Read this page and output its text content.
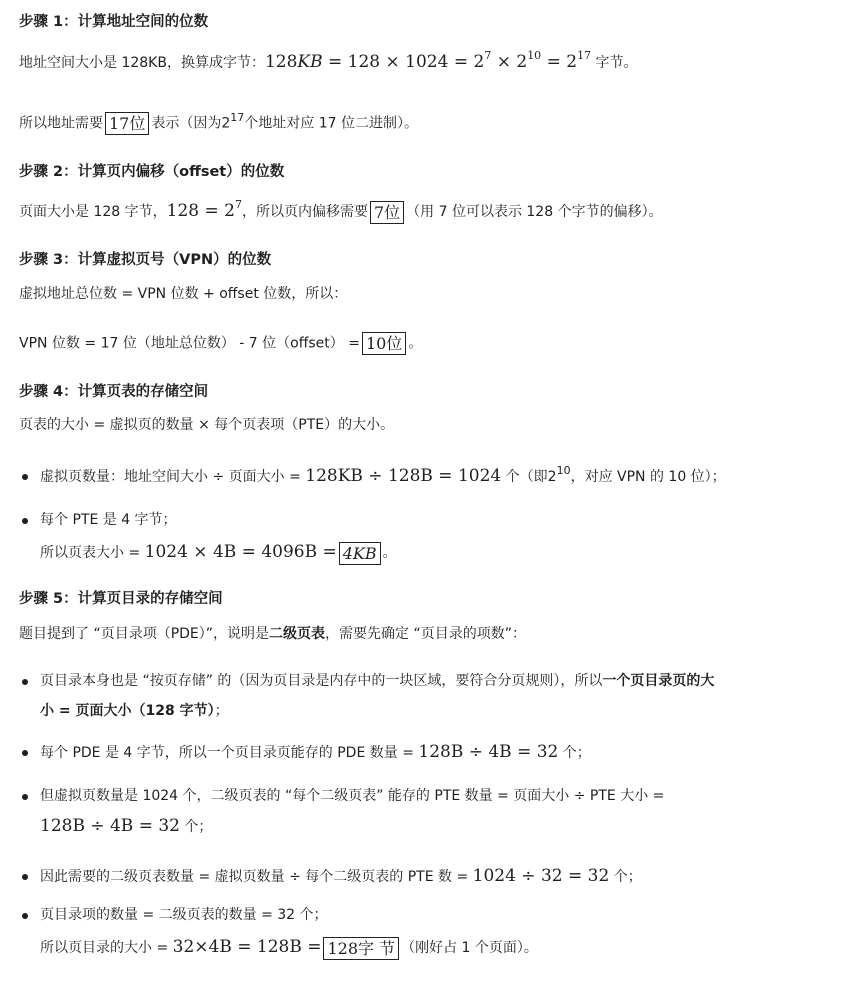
步骤 1：计算地址空间的位数

地址空间大小是 128KB，换算成字节：$128KB = 128 \times 1024 = 2^7 \times 2^{10} = 2^{17}$ 字节。

所以地址需要 17位 表示（因为$2^{17}$个地址对应 17 位二进制）。

步骤 2：计算页内偏移（offset）的位数

页面大小是 128 字节，$128 = 2^7$，所以页内偏移需要 7位 （用 7 位可以表示 128 个字节的偏移）。

步骤 3：计算虚拟页号（VPN）的位数

虚拟地址总位数 = VPN 位数 + offset 位数，所以：

VPN 位数 = 17 位（地址总位数） - 7 位（offset） = 10位 。

步骤 4：计算页表的存储空间

页表的大小 = 虚拟页的数量 × 每个页表项（PTE）的大小。

虚拟页数量：地址空间大小 ÷ 页面大小 = 128KB ÷ 128B = 1024 个（即$2^{10}$，对应 VPN 的 10 位）；
每个 PTE 是 4 字节；
所以页表大小 = 1024 × 4B = 4096B = 4KB 。
步骤 5：计算页目录的存储空间

题目提到了 “页目录项（PDE）”，说明是二级页表，需要先确定 “页目录的项数”：

页目录本身也是 “按页存储” 的（因为页目录是内存中的一块区域，要符合分页规则），所以一个页目录页的大
小 = 页面大小（128 字节）；
每个 PDE 是 4 字节，所以一个页目录页能存的 PDE 数量 = 128B ÷ 4B = 32 个；
但虚拟页数量是 1024 个，二级页表的 “每个二级页表” 能存的 PTE 数量 = 页面大小 ÷ PTE 大小 =
128B ÷ 4B = 32 个；
因此需要的二级页表数量 = 虚拟页数量 ÷ 每个二级页表的 PTE 数 = 1024 ÷ 32 = 32 个；
页目录项的数量 = 二级页表的数量 = 32 个；
所以页目录的大小 = 32×4B = 128B = 128字 节 （刚好占 1 个页面）。
